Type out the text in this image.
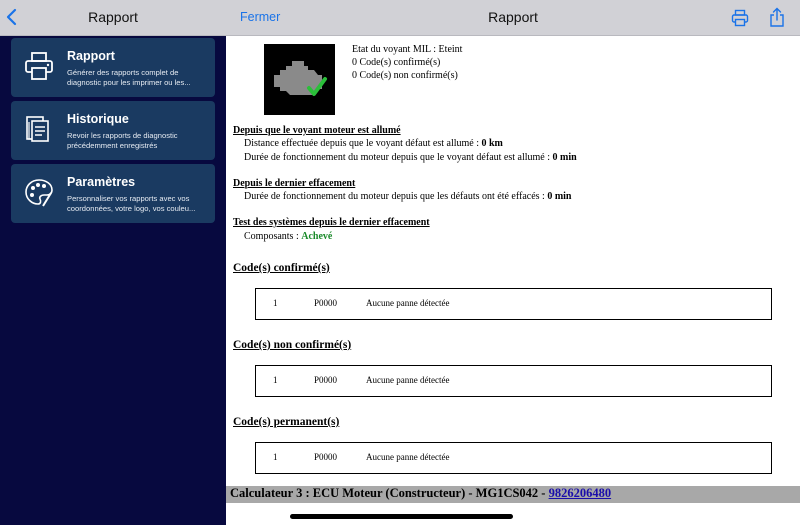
Rapport
Rapport
Générer des rapports complet de
diagnostic pour les imprimer ou les...
Historique
Revoir les rapports de diagnostic
précédemment enregistrés
Paramètres
Personnaliser vos rapports avec vos
coordonnées, votre logo, vos couleu...
Fermer	Rapport
Etat du voyant MIL : Eteint
0 Code(s) confirmé(s)
0 Code(s) non confirmé(s)
Depuis que le voyant moteur est allumé
Distance effectuée depuis que le voyant défaut est allumé : 0 km
Durée de fonctionnement du moteur depuis que le voyant défaut est allumé : 0 min
Depuis le dernier effacement
Durée de fonctionnement du moteur depuis que les défauts ont été effacés : 0 min
Test des systèmes depuis le dernier effacement
Composants : Achevé
Code(s) confirmé(s)
1	P0000	Aucune panne détectée
Code(s) non confirmé(s)
1	P0000	Aucune panne détectée
Code(s) permanent(s)
1	P0000	Aucune panne détectée
Calculateur 3 : ECU Moteur (Constructeur) - MG1CS042 - 9826206480
